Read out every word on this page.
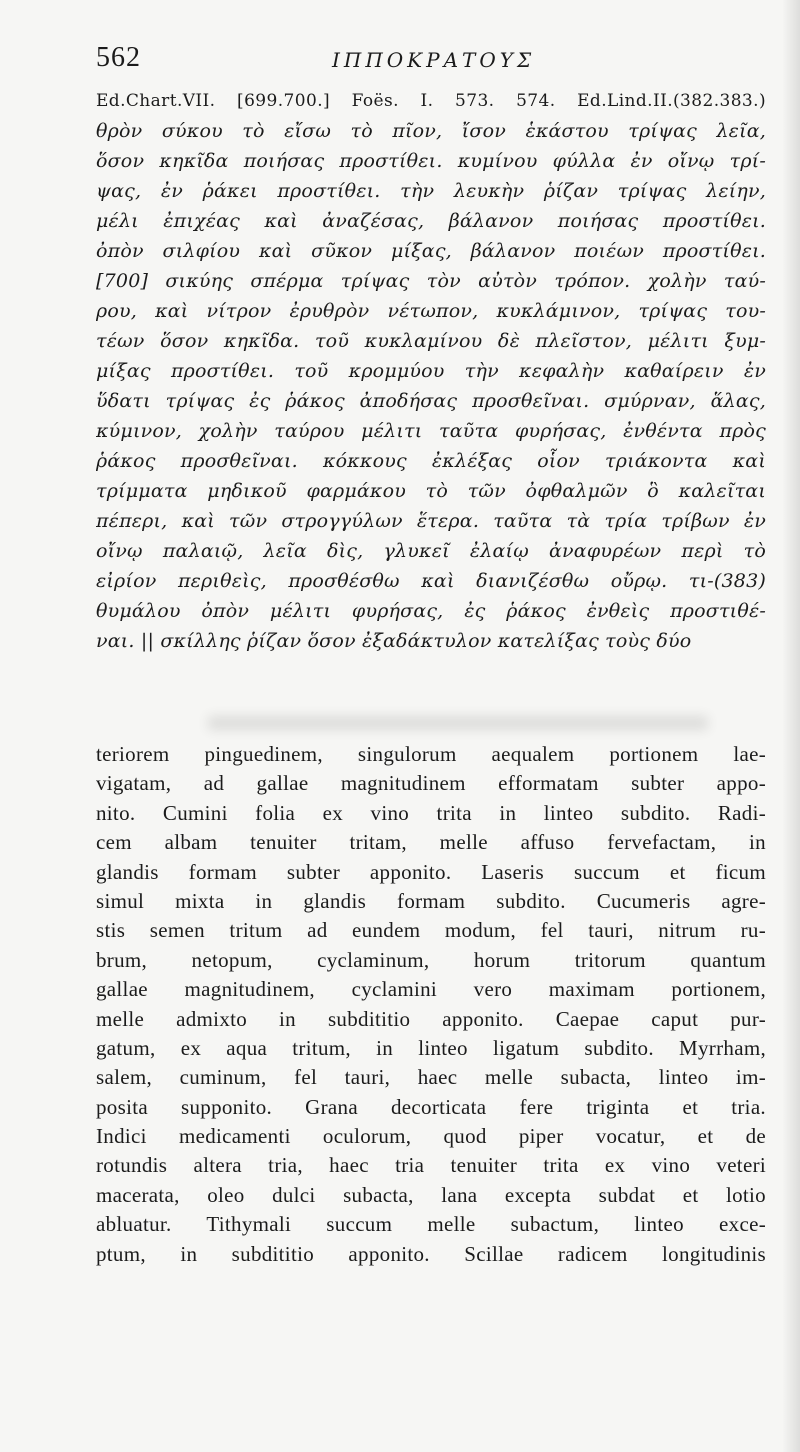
562	ΙΠΠΟΚΡΑΤΟΥΣ
Ed.Chart.VII. [699.700.] Foës. I. 573. 574. Ed.Lind.II.(382.383.)
θρὸν σύκου τὸ εἴσω τὸ πῖον, ἴσον ἑκάστου τρίψας λεῖα,
ὅσον κηκῖδα ποιήσας προστίθει. κυμίνου φύλλα ἐν οἴνῳ τρί-
ψας, ἐν ῥάκει προστίθει. τὴν λευκὴν ῥίζαν τρίψας λείην,
μέλι ἐπιχέας καὶ ἀναζέσας, βάλανον ποιήσας προστίθει.
ὀπὸν σιλφίου καὶ σῦκον μίξας, βάλανον ποιέων προστίθει.
[700] σικύης σπέρμα τρίψας τὸν αὐτὸν τρόπον. χολὴν ταύ-
ρου, καὶ νίτρον ἐρυθρὸν νέτωπον, κυκλάμινον, τρίψας του-
τέων ὅσον κηκῖδα. τοῦ κυκλαμίνου δὲ πλεῖστον, μέλιτι ξυμ-
μίξας προστίθει. τοῦ κρομμύου τὴν κεφαλὴν καθαίρειν ἐν
ὕδατι τρίψας ἐς ῥάκος ἀποδήσας προσθεῖναι. σμύρναν, ἅλας,
κύμινον, χολὴν ταύρου μέλιτι ταῦτα φυρήσας, ἐνθέντα πρὸς
ῥάκος προσθεῖναι. κόκκους ἐκλέξας οἷον τριάκοντα καὶ
τρίμματα μηδικοῦ φαρμάκου τὸ τῶν ὀφθαλμῶν ὃ καλεῖται
πέπερι, καὶ τῶν στρογγύλων ἕτερα. ταῦτα τὰ τρία τρίβων ἐν
οἴνῳ παλαιῷ, λεῖα δὶς, γλυκεῖ ἐλαίῳ ἀναφυρέων περὶ τὸ
εἰρίον περιθεὶς, προσθέσθω καὶ διανιζέσθω οὔρῳ. τι-(383)
θυμάλου ὀπὸν μέλιτι φυρήσας, ἐς ῥάκος ἐνθεὶς προστιθέ-
ναι. || σκίλλης ῥίζαν ὅσον ἐξαδάκτυλον κατελίξας τοὺς δύο
teriorem pinguedinem, singulorum aequalem portionem lae-
vigatam, ad gallae magnitudinem efformatam subter appo-
nito. Cumini folia ex vino trita in linteo subdito. Radi-
cem albam tenuiter tritam, melle affuso fervefactam, in
glandis formam subter apponito. Laseris succum et ficum
simul mixta in glandis formam subdito. Cucumeris agre-
stis semen tritum ad eundem modum, fel tauri, nitrum ru-
brum, netopum, cyclaminum, horum tritorum quantum
gallae magnitudinem, cyclamini vero maximam portionem,
melle admixto in subdititio apponito. Caepae caput pur-
gatum, ex aqua tritum, in linteo ligatum subdito. Myrrham,
salem, cuminum, fel tauri, haec melle subacta, linteo im-
posita supponito. Grana decorticata fere triginta et tria.
Indici medicamenti oculorum, quod piper vocatur, et de
rotundis altera tria, haec tria tenuiter trita ex vino veteri
macerata, oleo dulci subacta, lana excepta subdat et lotio
abluatur. Tithymali succum melle subactum, linteo exce-
ptum, in subdititio apponito. Scillae radicem longitudinis
